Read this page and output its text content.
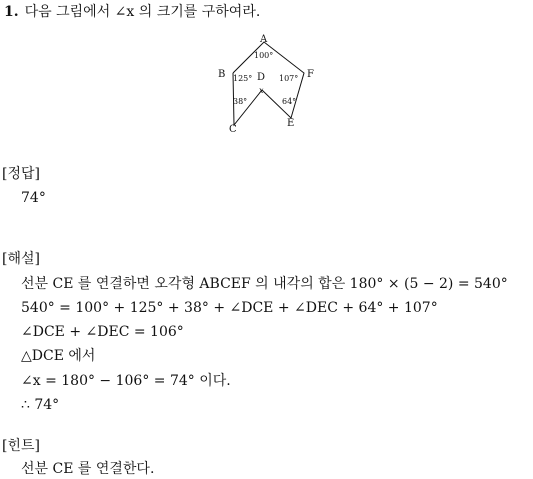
1. 다음 그림에서 ∠x 의 크기를 구하여라.
A
100°
B 125° D
x
F
107°
38°
C
64°
E
[정답]
74°
[해설]
선분 CE 를 연결하면 오각형 ABCEF 의 내각의 합은 180° × (5 − 2) = 540°
540° = 100° + 125° + 38° + ∠DCE + ∠DEC + 64° + 107°
∠DCE + ∠DEC = 106°
△DCE 에서
∠x = 180° − 106° = 74° 이다.
∴ 74°
[힌트]
선분 CE 를 연결한다.
